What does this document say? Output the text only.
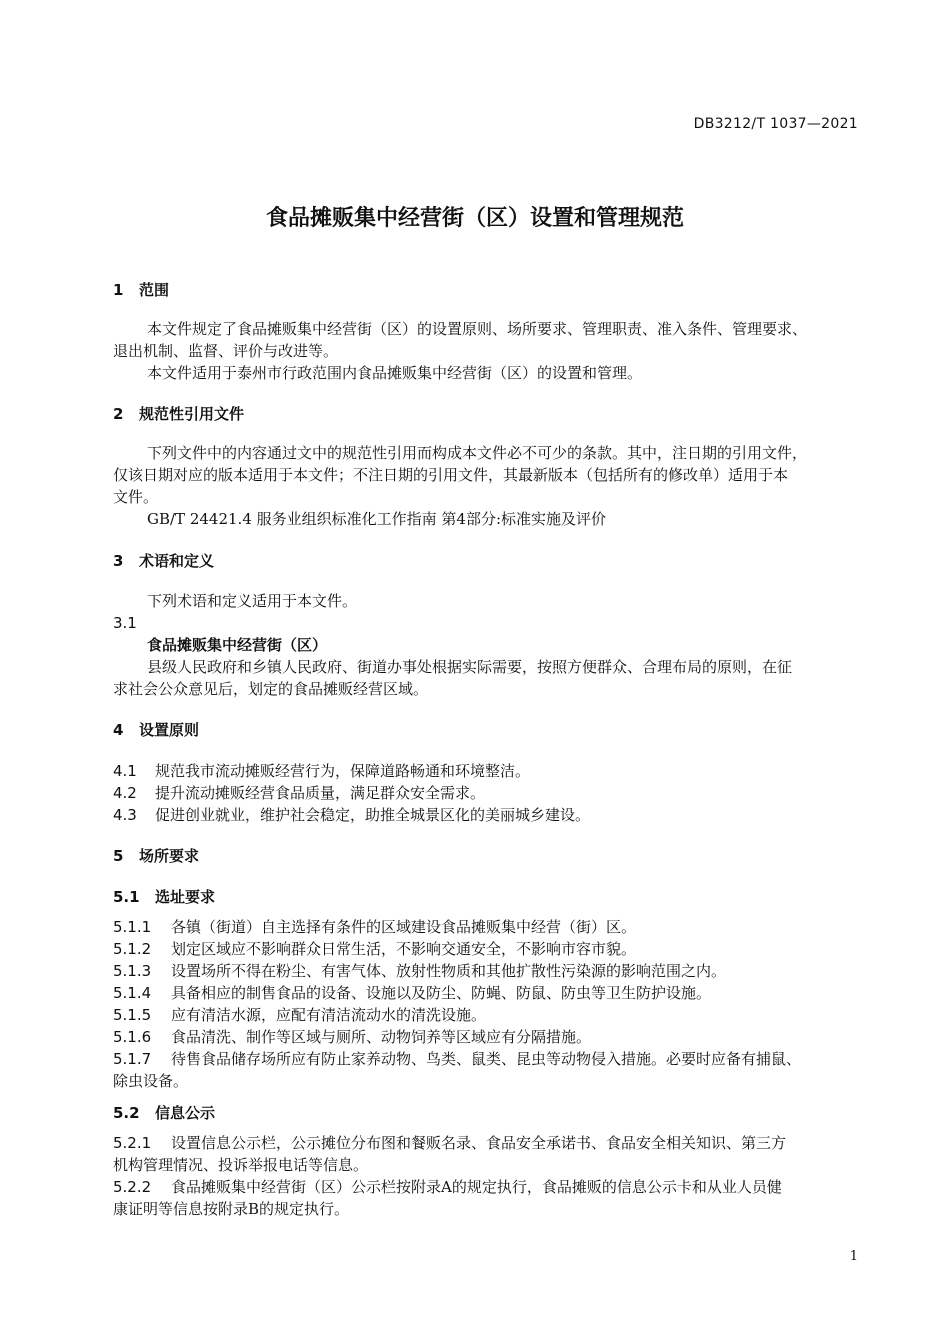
DB3212/T 1037—2021
食品摊贩集中经营街（区）设置和管理规范
1 范围
本文件规定了食品摊贩集中经营街（区）的设置原则、场所要求、管理职责、准入条件、管理要求、
退出机制、监督、评价与改进等。
本文件适用于泰州市行政范围内食品摊贩集中经营街（区）的设置和管理。
2 规范性引用文件
下列文件中的内容通过文中的规范性引用而构成本文件必不可少的条款。其中，注日期的引用文件，
仅该日期对应的版本适用于本文件；不注日期的引用文件，其最新版本（包括所有的修改单）适用于本
文件。
GB/T 24421.4 服务业组织标准化工作指南 第4部分:标准实施及评价
3 术语和定义
下列术语和定义适用于本文件。
3.1
食品摊贩集中经营街（区）
县级人民政府和乡镇人民政府、街道办事处根据实际需要，按照方便群众、合理布局的原则，在征
求社会公众意见后，划定的食品摊贩经营区域。
4 设置原则
4.1 规范我市流动摊贩经营行为，保障道路畅通和环境整洁。
4.2 提升流动摊贩经营食品质量，满足群众安全需求。
4.3 促进创业就业，维护社会稳定，助推全城景区化的美丽城乡建设。
5 场所要求
5.1 选址要求
5.1.1 各镇（街道）自主选择有条件的区域建设食品摊贩集中经营（街）区。
5.1.2 划定区域应不影响群众日常生活，不影响交通安全，不影响市容市貌。
5.1.3 设置场所不得在粉尘、有害气体、放射性物质和其他扩散性污染源的影响范围之内。
5.1.4 具备相应的制售食品的设备、设施以及防尘、防蝇、防鼠、防虫等卫生防护设施。
5.1.5 应有清洁水源，应配有清洁流动水的清洗设施。
5.1.6 食品清洗、制作等区域与厕所、动物饲养等区域应有分隔措施。
5.1.7 待售食品储存场所应有防止家养动物、鸟类、鼠类、昆虫等动物侵入措施。必要时应备有捕鼠、
除虫设备。
5.2 信息公示
5.2.1 设置信息公示栏，公示摊位分布图和餐贩名录、食品安全承诺书、食品安全相关知识、第三方
机构管理情况、投诉举报电话等信息。
5.2.2 食品摊贩集中经营街（区）公示栏按附录A的规定执行，食品摊贩的信息公示卡和从业人员健
康证明等信息按附录B的规定执行。
1
